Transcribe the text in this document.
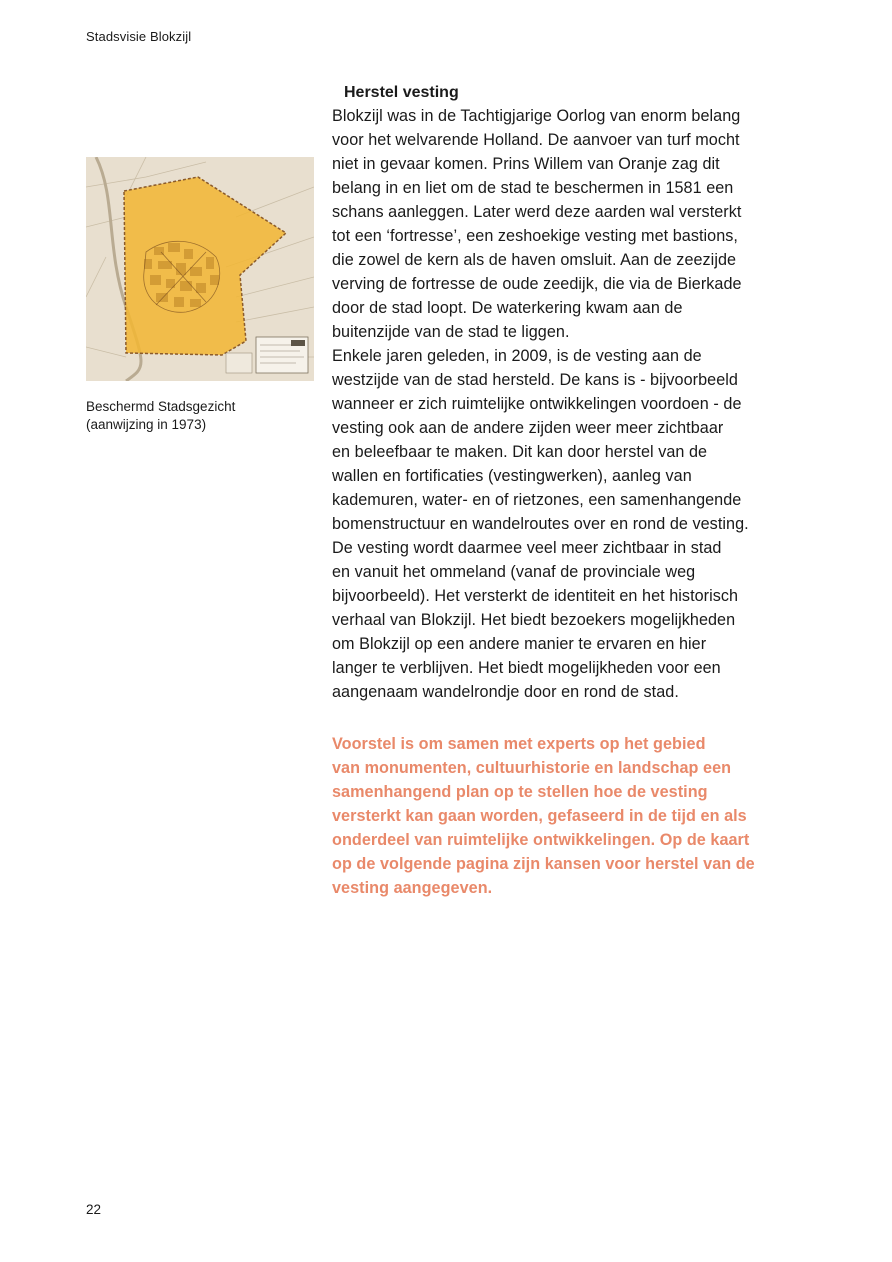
Stadsvisie Blokzijl

Beschermd Stadsgezicht

(aanwijzing in 1973)

Herstel vesting
Blokzijl was in de Tachtigjarige Oorlog van enorm belang
voor het welvarende Holland. De aanvoer van turf mocht
niet in gevaar komen. Prins Willem van Oranje zag dit
belang in en liet om de stad te beschermen in 1581 een
schans aanleggen. Later werd deze aarden wal versterkt
tot een ‘fortresse’, een zeshoekige vesting met bastions,
die zowel de kern als de haven omsluit. Aan de zeezijde
verving de fortresse de oude zeedijk, die via de Bierkade
door de stad loopt. De waterkering kwam aan de
buitenzijde van de stad te liggen.
Enkele jaren geleden, in 2009, is de vesting aan de
westzijde van de stad hersteld. De kans is - bijvoorbeeld
wanneer er zich ruimtelijke ontwikkelingen voordoen - de
vesting ook aan de andere zijden weer meer zichtbaar
en beleefbaar te maken. Dit kan door herstel van de
wallen en fortificaties (vestingwerken), aanleg van
kademuren, water- en of rietzones, een samenhangende
bomenstructuur en wandelroutes over en rond de vesting.
De vesting wordt daarmee veel meer zichtbaar in stad
en vanuit het ommeland (vanaf de provinciale weg
bijvoorbeeld). Het versterkt de identiteit en het historisch
verhaal van Blokzijl. Het biedt bezoekers mogelijkheden
om Blokzijl op een andere manier te ervaren en hier
langer te verblijven. Het biedt mogelijkheden voor een
aangenaam wandelrondje door en rond de stad.
Voorstel is om samen met experts op het gebied
van monumenten, cultuurhistorie en landschap een
samenhangend plan op te stellen hoe de vesting
versterkt kan gaan worden, gefaseerd in de tijd en als
onderdeel van ruimtelijke ontwikkelingen. Op de kaart
op de volgende pagina zijn kansen voor herstel van de
vesting aangegeven.
22
